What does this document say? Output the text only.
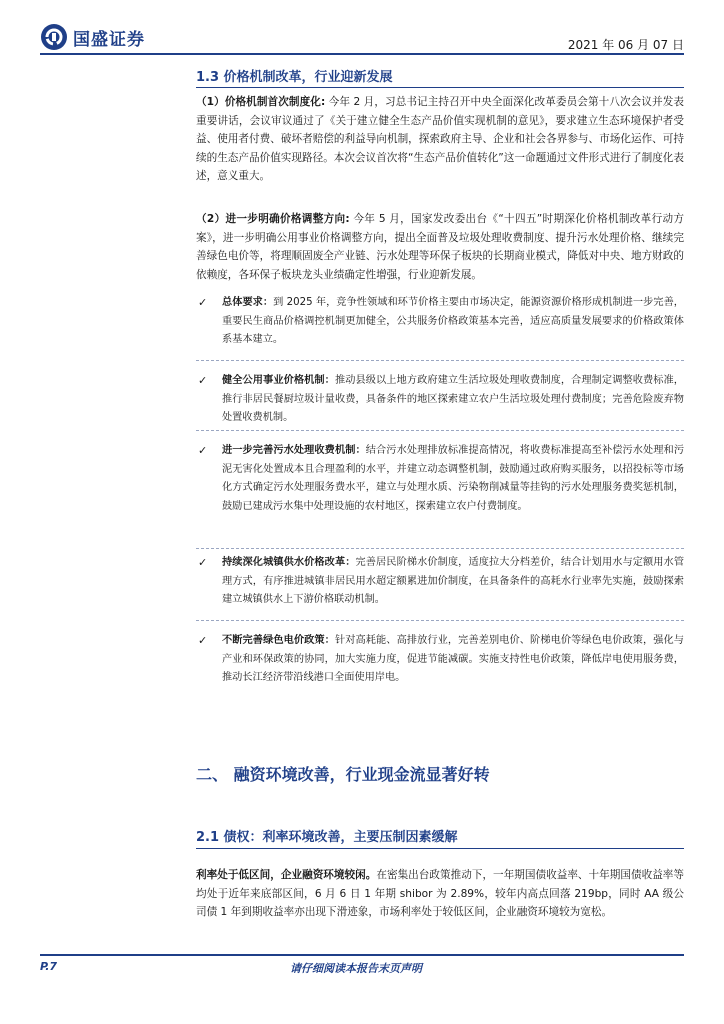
国盛证券	2021 年 06 月 07 日
1.3 价格机制改革，行业迎新发展
（1）价格机制首次制度化: 今年 2 月，习总书记主持召开中央全面深化改革委员会第十八次会议并发表重要讲话，会议审议通过了《关于建立健全生态产品价值实现机制的意见》，要求建立生态环境保护者受益、使用者付费、破坏者赔偿的利益导向机制，探索政府主导、企业和社会各界参与、市场化运作、可持续的生态产品价值实现路径。本次会议首次将“生态产品价值转化”这一命题通过文件形式进行了制度化表述，意义重大。
（2）进一步明确价格调整方向: 今年 5 月，国家发改委出台《“十四五”时期深化价格机制改革行动方案》，进一步明确公用事业价格调整方向，提出全面普及垃圾处理收费制度、提升污水处理价格、继续完善绿色电价等，将理顺固废全产业链、污水处理等环保子板块的长期商业模式，降低对中央、地方财政的依赖度，各环保子板块龙头业绩确定性增强，行业迎新发展。
✓ 总体要求：到 2025 年，竞争性领域和环节价格主要由市场决定，能源资源价格形成机制进一步完善，重要民生商品价格调控机制更加健全，公共服务价格政策基本完善，适应高质量发展要求的价格政策体系基本建立。
✓ 健全公用事业价格机制：推动县级以上地方政府建立生活垃圾处理收费制度，合理制定调整收费标准，推行非居民餐厨垃圾计量收费，具备条件的地区探索建立农户生活垃圾处理付费制度；完善危险废弃物处置收费机制。
✓ 进一步完善污水处理收费机制：结合污水处理排放标准提高情况，将收费标准提高至补偿污水处理和污泥无害化处置成本且合理盈利的水平，并建立动态调整机制，鼓励通过政府购买服务，以招投标等市场化方式确定污水处理服务费水平，建立与处理水质、污染物削减量等挂钩的污水处理服务费奖惩机制，鼓励已建成污水集中处理设施的农村地区，探索建立农户付费制度。
✓ 持续深化城镇供水价格改革：完善居民阶梯水价制度，适度拉大分档差价，结合计划用水与定额用水管理方式，有序推进城镇非居民用水超定额累进加价制度，在具备条件的高耗水行业率先实施，鼓励探索建立城镇供水上下游价格联动机制。
✓ 不断完善绿色电价政策：针对高耗能、高排放行业，完善差别电价、阶梯电价等绿色电价政策，强化与产业和环保政策的协同，加大实施力度，促进节能减碳。实施支持性电价政策，降低岸电使用服务费，推动长江经济带沿线港口全面使用岸电。
二、 融资环境改善，行业现金流显著好转
2.1 债权：利率环境改善，主要压制因素缓解
利率处于低区间，企业融资环境较闲。在密集出台政策推动下，一年期国债收益率、十年期国债收益率等均处于近年来底部区间，6 月 6 日 1 年期 shibor 为 2.89%，较年内高点回落 219bp，同时 AA 级公司债 1 年到期收益率亦出现下滑迹象，市场利率处于较低区间，企业融资环境较为宽松。
P.7	请仔细阅读本报告末页声明
